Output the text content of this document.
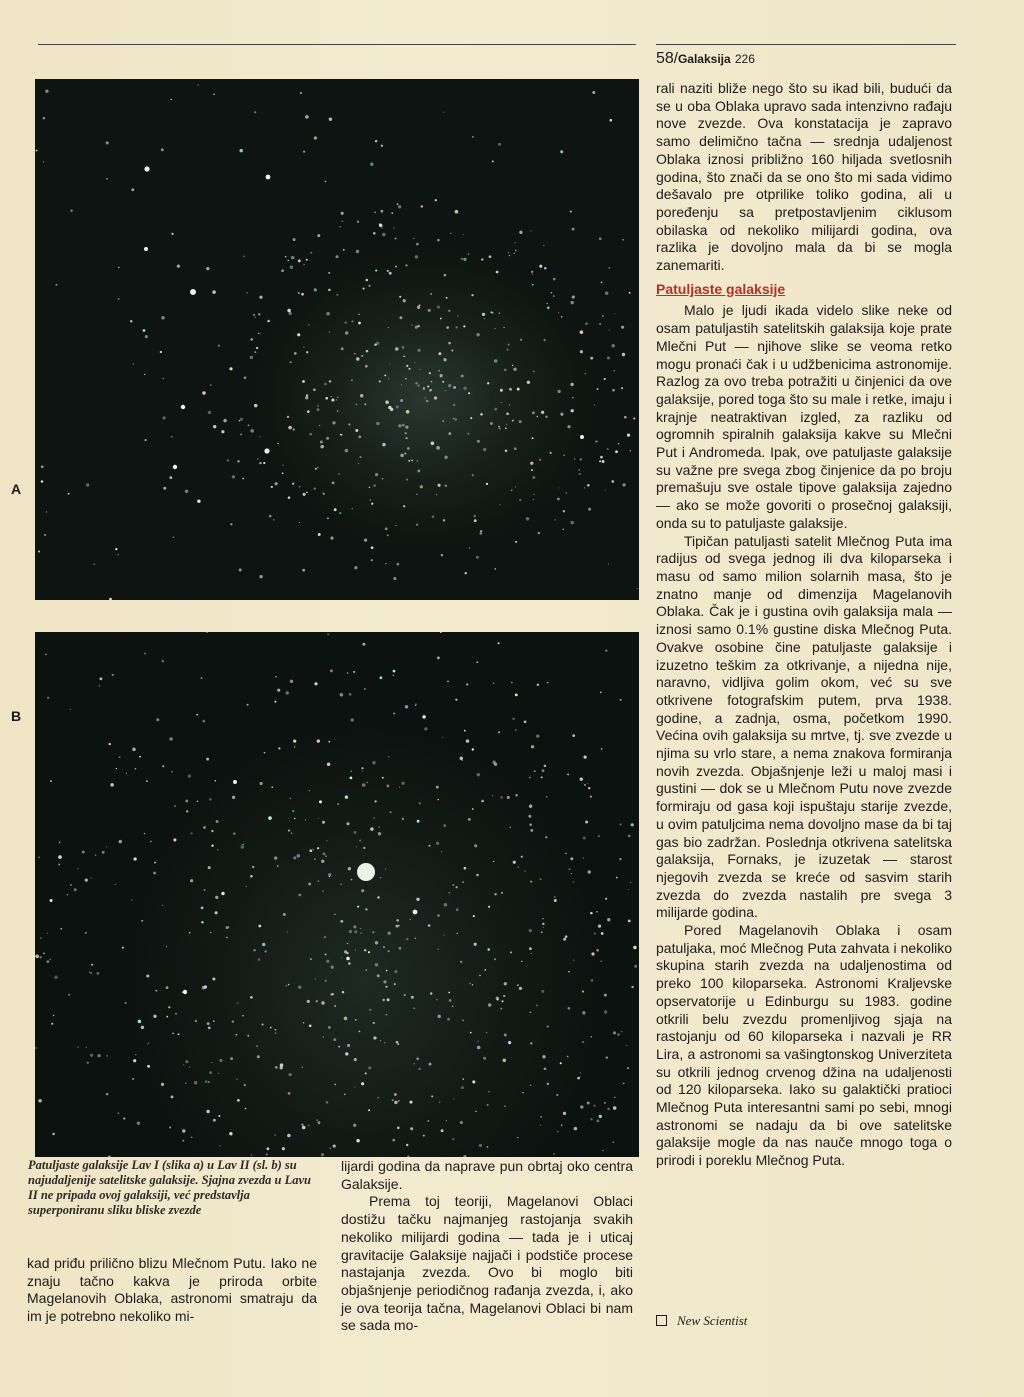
58/Galaksija 226
A
B
Patuljaste galaksije Lav I (slika a) u Lav II (sl. b) su najudaljenije satelitske galaksije. Sjajna zvezda u Lavu II ne pripada ovoj galaksiji, već predstavlja superponiranu sliku bliske zvezde

kad priđu prilično blizu Mlečnom Putu. Iako ne znaju tačno kakva je priroda orbite Magelanovih Oblaka, astronomi smatraju da im je potrebno nekoliko mi-

lijardi godina da naprave pun obrtaj oko centra Galaksije.

Prema toj teoriji, Magelanovi Oblaci dostižu tačku najmanjeg rastojanja svakih nekoliko milijardi godina — tada je i uticaj gravitacije Galaksije najjači i podstiče procese nastajanja zvezda. Ovo bi moglo biti objašnjenje periodičnog rađanja zvezda, i, ako je ova teorija tačna, Magelanovi Oblaci bi nam se sada mo-

rali naziti bliže nego što su ikad bili, budući da se u oba Oblaka upravo sada intenzivno rađaju nove zvezde. Ova konstatacija je zapravo samo delimično tačna — srednja udaljenost Oblaka iznosi približno 160 hiljada svetlosnih godina, što znači da se ono što mi sada vidimo dešavalo pre otprilike toliko godina, ali u poređenju sa pretpostavljenim ciklusom obilaska od nekoliko milijardi godina, ova razlika je dovoljno mala da bi se mogla zanemariti.

Patuljaste galaksije

Malo je ljudi ikada videlo slike neke od osam patuljastih satelitskih galaksija koje prate Mlečni Put — njihove slike se veoma retko mogu pronaći čak i u udžbenicima astronomije. Razlog za ovo treba potražiti u činjenici da ove galaksije, pored toga što su male i retke, imaju i krajnje neatraktivan izgled, za razliku od ogromnih spiralnih galaksija kakve su Mlečni Put i Andromeda. Ipak, ove patuljaste galaksije su važne pre svega zbog činjenice da po broju premašuju sve ostale tipove galaksija zajedno — ako se može govoriti o prosečnoj galaksiji, onda su to patuljaste galaksije.

Tipičan patuljasti satelit Mlečnog Puta ima radijus od svega jednog ili dva kiloparseka i masu od samo milion solarnih masa, što je znatno manje od dimenzija Magelanovih Oblaka. Čak je i gustina ovih galaksija mala — iznosi samo 0.1% gustine diska Mlečnog Puta. Ovakve osobine čine patuljaste galaksije i izuzetno teškim za otkrivanje, a nijedna nije, naravno, vidljiva golim okom, već su sve otkrivene fotografskim putem, prva 1938. godine, a zadnja, osma, početkom 1990. Većina ovih galaksija su mrtve, tj. sve zvezde u njima su vrlo stare, a nema znakova formiranja novih zvezda. Objašnjenje leži u maloj masi i gustini — dok se u Mlečnom Putu nove zvezde formiraju od gasa koji ispuštaju starije zvezde, u ovim patuljcima nema dovoljno mase da bi taj gas bio zadržan. Poslednja otkrivena satelitska galaksija, Fornaks, je izuzetak — starost njegovih zvezda se kreće od sasvim starih zvezda do zvezda nastalih pre svega 3 milijarde godina.

Pored Magelanovih Oblaka i osam patuljaka, moć Mlečnog Puta zahvata i nekoliko skupina starih zvezda na udaljenostima od preko 100 kiloparseka. Astronomi Kraljevske opservatorije u Edinburgu su 1983. godine otkrili belu zvezdu promenljivog sjaja na rastojanju od 60 kiloparseka i nazvali je RR Lira, a astronomi sa vašingtonskog Univerziteta su otkrili jednog crvenog džina na udaljenosti od 120 kiloparseka. Iako su galaktički pratioci Mlečnog Puta interesantni sami po sebi, mnogi astronomi se nadaju da bi ove satelitske galaksije mogle da nas nauče mnogo toga o prirodi i poreklu Mlečnog Puta.

New Scientist
